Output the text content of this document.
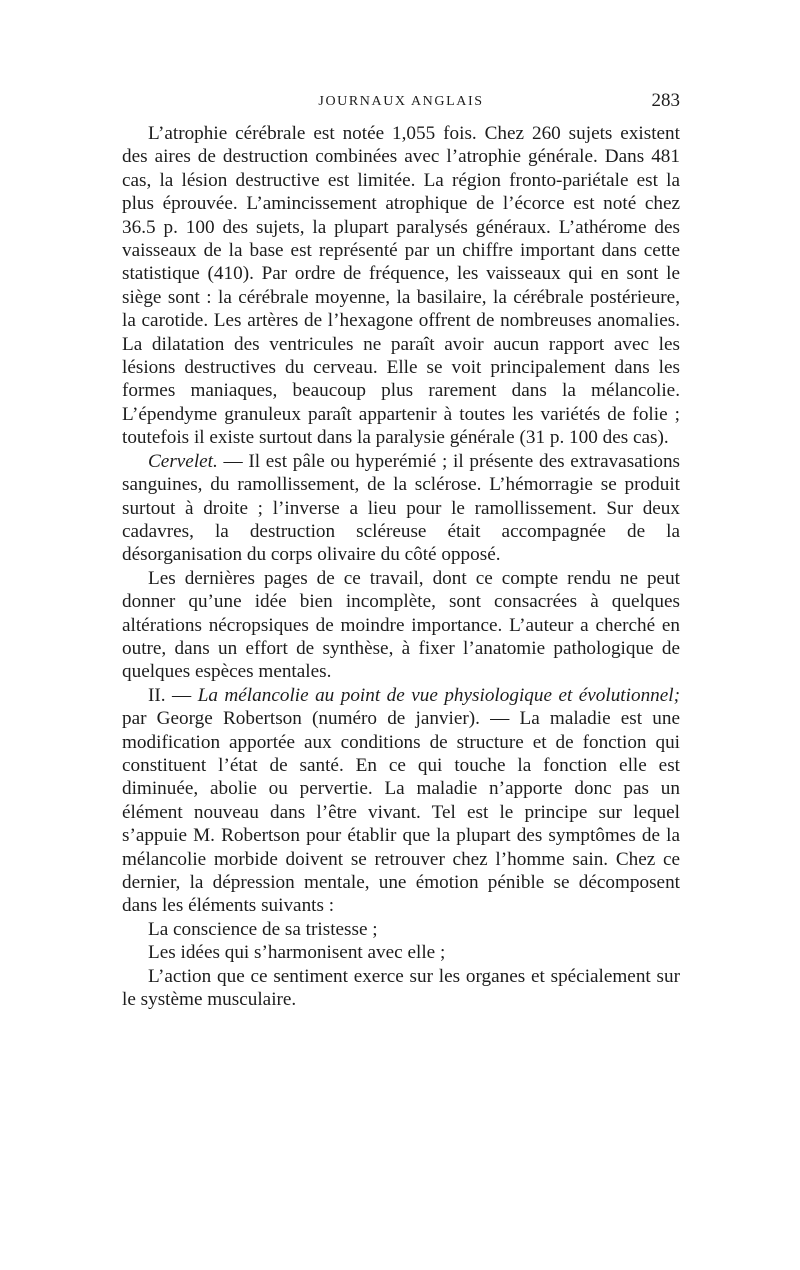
JOURNAUX ANGLAIS	283

L’atrophie cérébrale est notée 1,055 fois. Chez 260 sujets existent des aires de destruction combinées avec l’atrophie générale. Dans 481 cas, la lésion destructive est limitée. La région fronto-pariétale est la plus éprouvée. L’amincissement atrophique de l’écorce est noté chez 36.5 p. 100 des sujets, la plupart paralysés généraux. L’athérome des vaisseaux de la base est représenté par un chiffre important dans cette statistique (410). Par ordre de fréquence, les vaisseaux qui en sont le siège sont : la cérébrale moyenne, la basilaire, la cérébrale postérieure, la carotide. Les artères de l’hexagone offrent de nombreuses anomalies. La dilatation des ventricules ne paraît avoir aucun rapport avec les lésions destructives du cerveau. Elle se voit principalement dans les formes maniaques, beaucoup plus rarement dans la mélancolie. L’épendyme granuleux paraît appartenir à toutes les variétés de folie ; toutefois il existe surtout dans la paralysie générale (31 p. 100 des cas).

Cervelet. — Il est pâle ou hyperémié ; il présente des extravasations sanguines, du ramollissement, de la sclérose. L’hémorragie se produit surtout à droite ; l’inverse a lieu pour le ramollissement. Sur deux cadavres, la destruction scléreuse était accompagnée de la désorganisation du corps olivaire du côté opposé.

Les dernières pages de ce travail, dont ce compte rendu ne peut donner qu’une idée bien incomplète, sont consacrées à quelques altérations nécropsiques de moindre importance. L’auteur a cherché en outre, dans un effort de synthèse, à fixer l’anatomie pathologique de quelques espèces mentales.

II. — La mélancolie au point de vue physiologique et évolutionnel; par George Robertson (numéro de janvier). — La maladie est une modification apportée aux conditions de structure et de fonction qui constituent l’état de santé. En ce qui touche la fonction elle est diminuée, abolie ou pervertie. La maladie n’apporte donc pas un élément nouveau dans l’être vivant. Tel est le principe sur lequel s’appuie M. Robertson pour établir que la plupart des symptômes de la mélancolie morbide doivent se retrouver chez l’homme sain. Chez ce dernier, la dépression mentale, une émotion pénible se décomposent dans les éléments suivants :

La conscience de sa tristesse ;

Les idées qui s’harmonisent avec elle ;

L’action que ce sentiment exerce sur les organes et spécialement sur le système musculaire.
